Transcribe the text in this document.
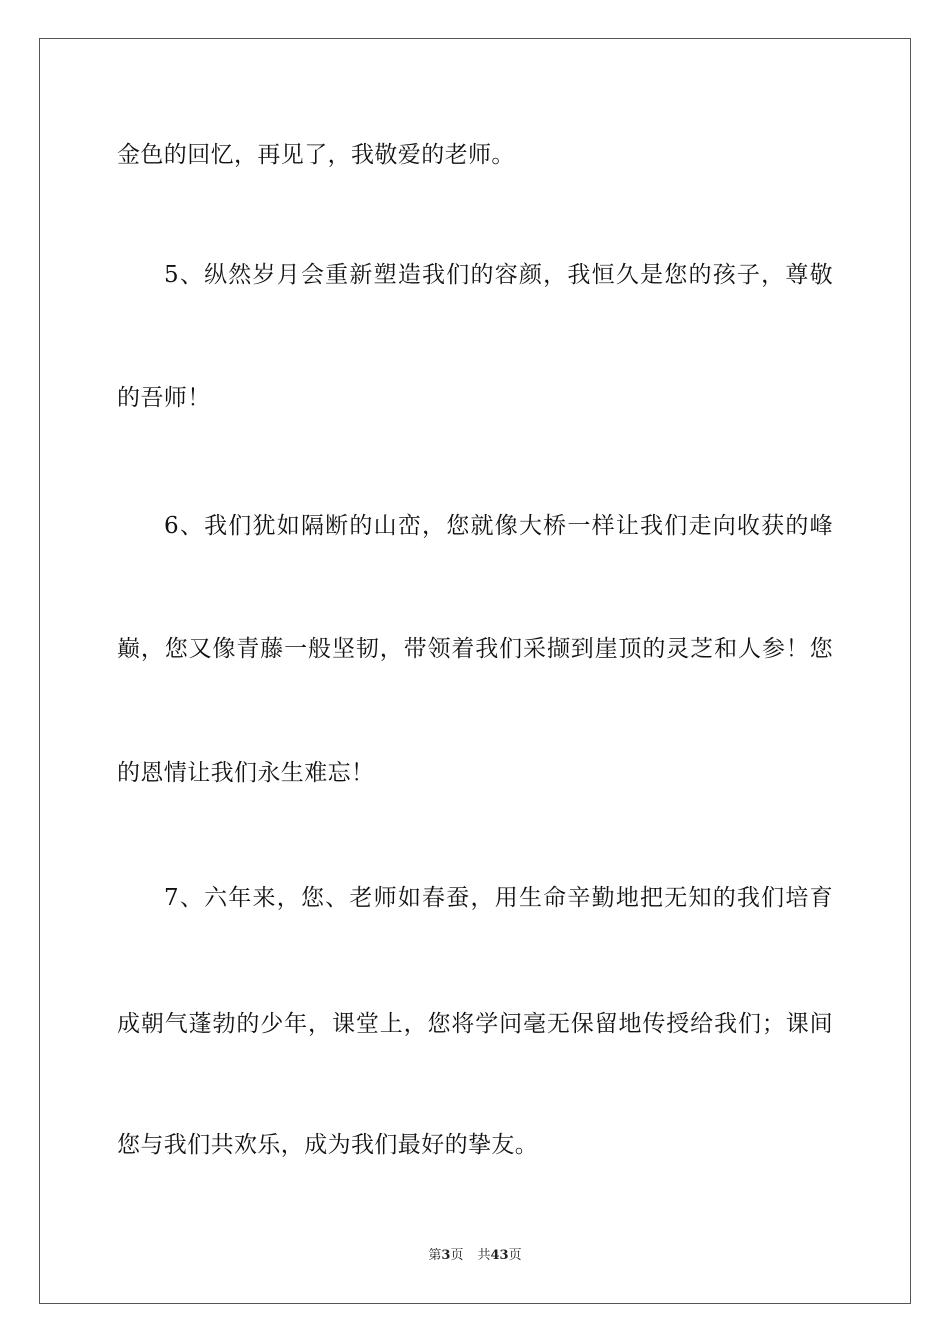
金色的回忆，再见了，我敬爱的老师。
5、纵然岁月会重新塑造我们的容颜，我恒久是您的孩子，尊敬
的吾师！
6、我们犹如隔断的山峦，您就像大桥一样让我们走向收获的峰
巅，您又像青藤一般坚韧，带领着我们采撷到崖顶的灵芝和人参！您
的恩情让我们永生难忘！
7、六年来，您、老师如春蚕，用生命辛勤地把无知的我们培育
成朝气蓬勃的少年，课堂上，您将学问毫无保留地传授给我们；课间
您与我们共欢乐，成为我们最好的挚友。
第3页 共43页
